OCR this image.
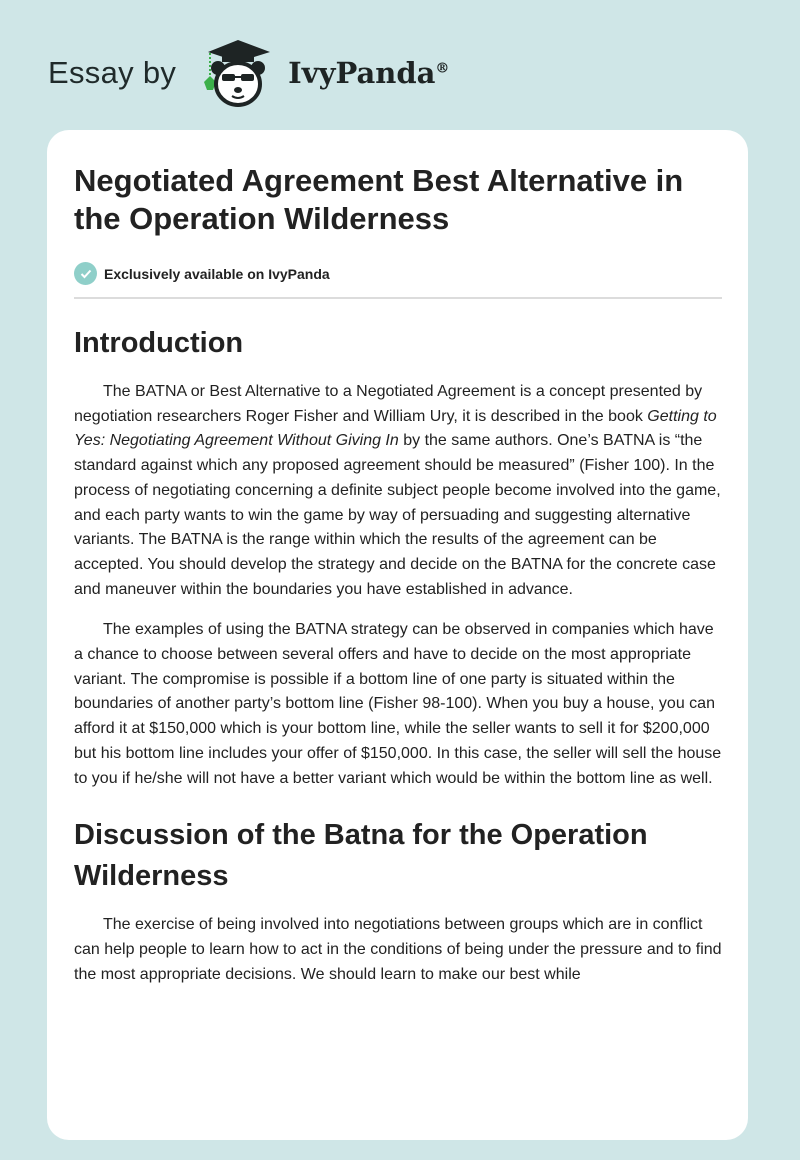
Essay by	IvyPanda®
Negotiated Agreement Best Alternative in the Operation Wilderness
Exclusively available on IvyPanda
Introduction

The BATNA or Best Alternative to a Negotiated Agreement is a concept presented by negotiation researchers Roger Fisher and William Ury, it is described in the book Getting to Yes: Negotiating Agreement Without Giving In by the same authors. One’s BATNA is “the standard against which any proposed agreement should be measured” (Fisher 100). In the process of negotiating concerning a definite subject people become involved into the game, and each party wants to win the game by way of persuading and suggesting alternative variants. The BATNA is the range within which the results of the agreement can be accepted. You should develop the strategy and decide on the BATNA for the concrete case and maneuver within the boundaries you have established in advance.

The examples of using the BATNA strategy can be observed in companies which have a chance to choose between several offers and have to decide on the most appropriate variant. The compromise is possible if a bottom line of one party is situated within the boundaries of another party’s bottom line (Fisher 98-100). When you buy a house, you can afford it at $150,000 which is your bottom line, while the seller wants to sell it for $200,000 but his bottom line includes your offer of $150,000. In this case, the seller will sell the house to you if he/she will not have a better variant which would be within the bottom line as well.

Discussion of the Batna for the Operation Wilderness

The exercise of being involved into negotiations between groups which are in conflict can help people to learn how to act in the conditions of being under the pressure and to find the most appropriate decisions. We should learn to make our best while
